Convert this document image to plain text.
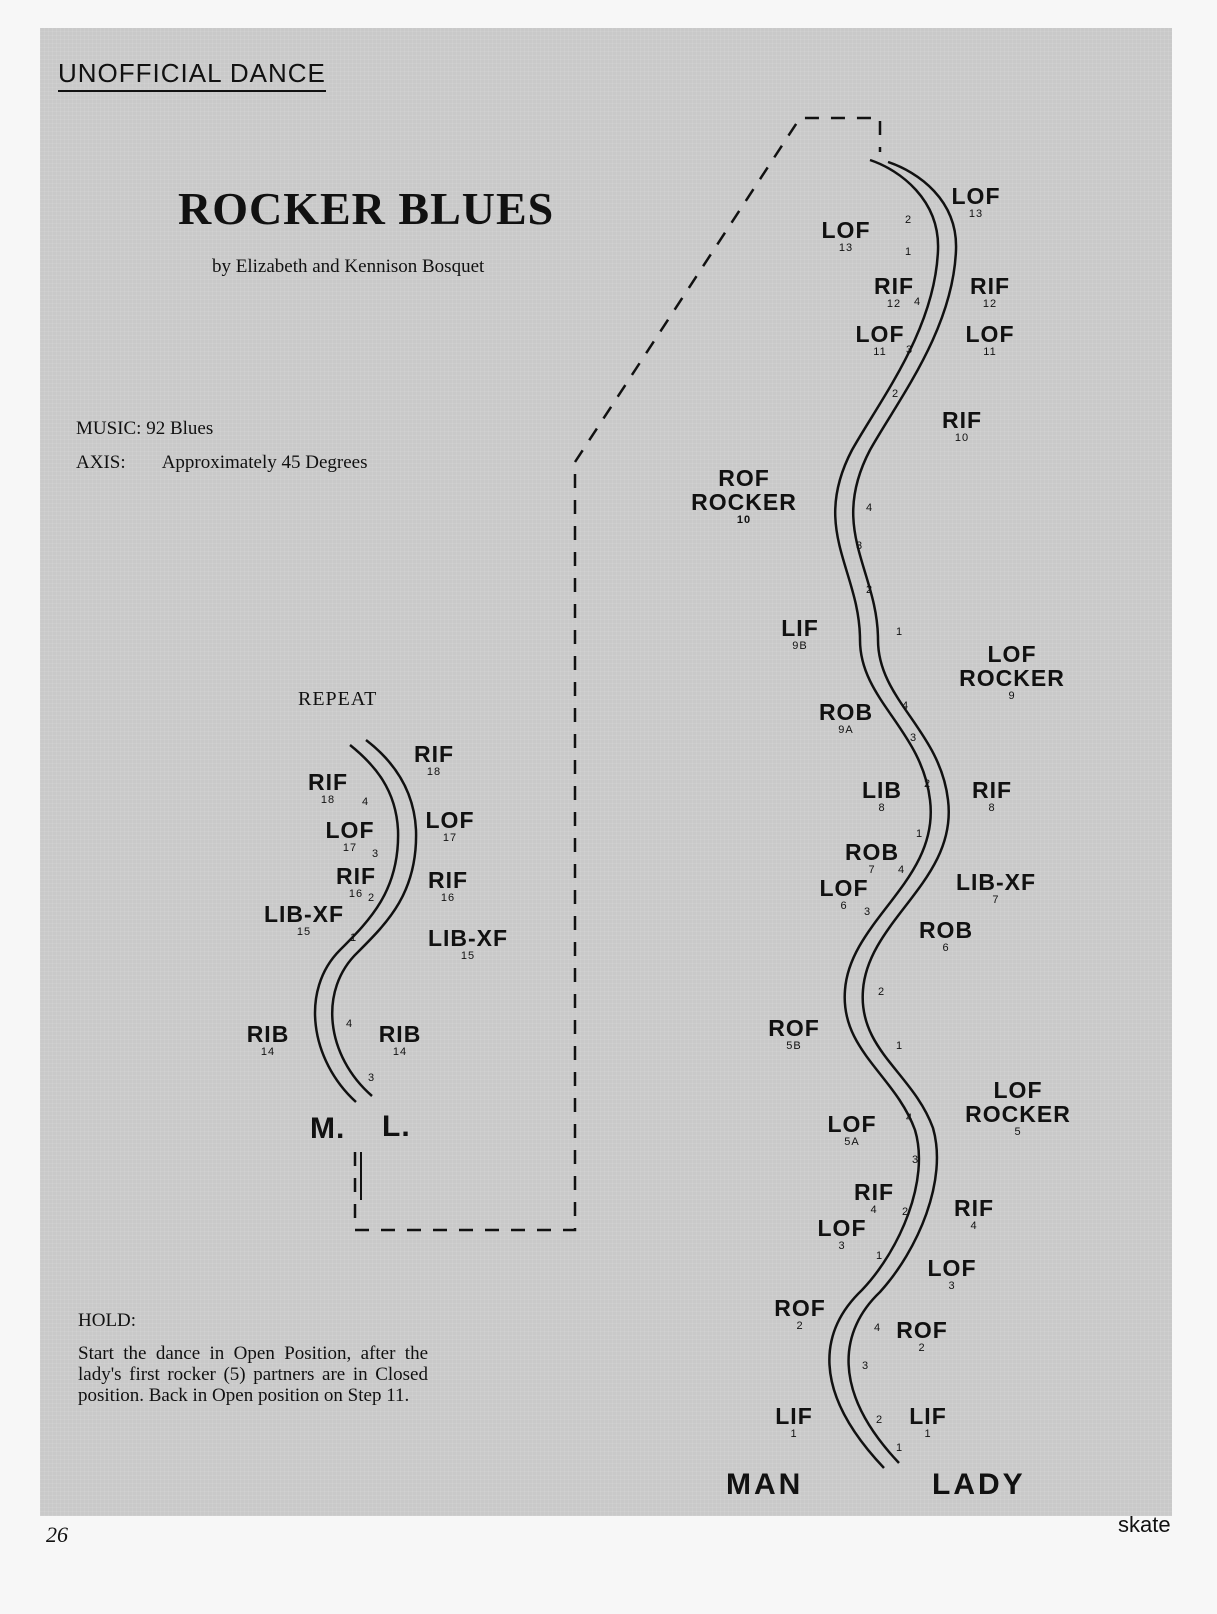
UNOFFICIAL DANCE
ROCKER BLUES
by Elizabeth and Kennison Bosquet
MUSIC: 92 Blues
AXIS: Approximately 45 Degrees
REPEAT
RIF
18
RIF
18
LOF
17
LOF
17
RIF
16
RIF
16
LIB-XF
15	LIB-XF
15
RIB
14
RIB
14
4
3
2
1
4
3
M. L.
LOF
13
LOF
13
RIF
12
RIF
12
LOF
11
LOF
11
RIF
10
ROF ROCKER
10
LIF
9B	LOF ROCKER
9
ROB
9A
LIB
8
RIF
8
ROB
7
LOF
6
LIB-XF
7
ROB
6
ROF
5B
LOF ROCKER
5
LOF
5A
RIF
4	RIF
4
LOF
3
LOF
3
ROF
2	ROF
2
LIF
1
LIF
1
2
1
4
3
2
4
3
2
1
4
3
2
1
4
3
2
1
4
3
2
1
4
3
2
1
MAN	LADY
HOLD:
Start the dance in Open Position, after the lady's first rocker (5) partners are in Closed position. Back in Open position on Step 11.
26	skate
